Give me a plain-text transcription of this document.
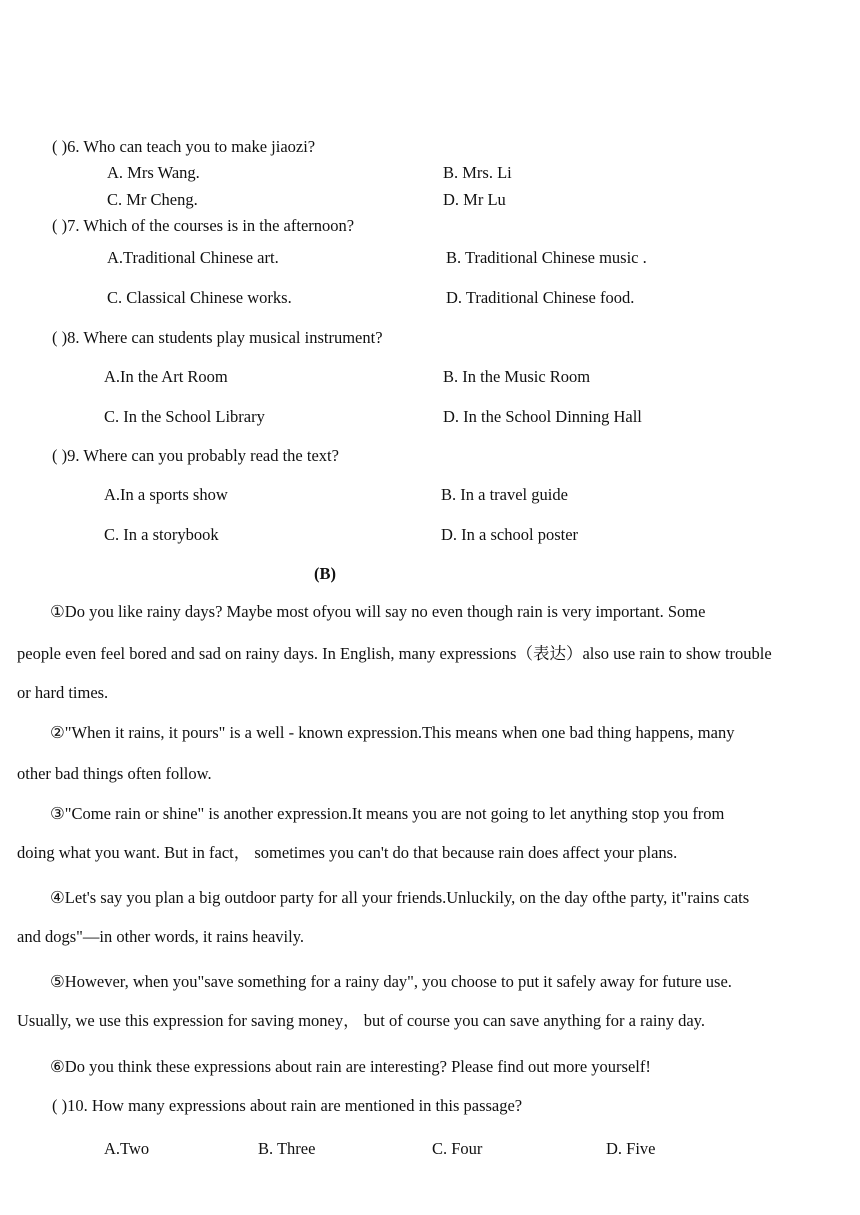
( )6. Who can teach you to make jiaozi?
A. Mrs Wang.	B. Mrs. Li
C. Mr Cheng.	D. Mr Lu
( )7. Which of the courses is in the afternoon?
A.Traditional Chinese art.	B. Traditional Chinese music .
C. Classical Chinese works.	D. Traditional Chinese food.
( )8. Where can students play musical instrument?
A.In the Art Room	B. In the Music Room
C. In the School Library	D. In the School Dinning Hall
( )9. Where can you probably read the text?
A.In a sports show	B. In a travel guide
C. In a storybook	D. In a school poster
(B)
①Do you like rainy days? Maybe most ofyou will say no even though rain is very important. Some
people even feel bored and sad on rainy days. In English, many expressions（表达）also use rain to show trouble
or hard times.
②"When it rains, it pours" is a well - known expression.This means when one bad thing happens, many
other bad things often follow.
③"Come rain or shine" is another expression.It means you are not going to let anything stop you from
doing what you want. But in fact， sometimes you can't do that because rain does affect your plans.
④Let's say you plan a big outdoor party for all your friends.Unluckily, on the day ofthe party, it"rains cats
and dogs"—in other words, it rains heavily.
⑤However, when you"save something for a rainy day", you choose to put it safely away for future use.
Usually, we use this expression for saving money， but of course you can save anything for a rainy day.
⑥Do you think these expressions about rain are interesting? Please find out more yourself!
( )10. How many expressions about rain are mentioned in this passage?
A.Two	B. Three	C. Four	D. Five
